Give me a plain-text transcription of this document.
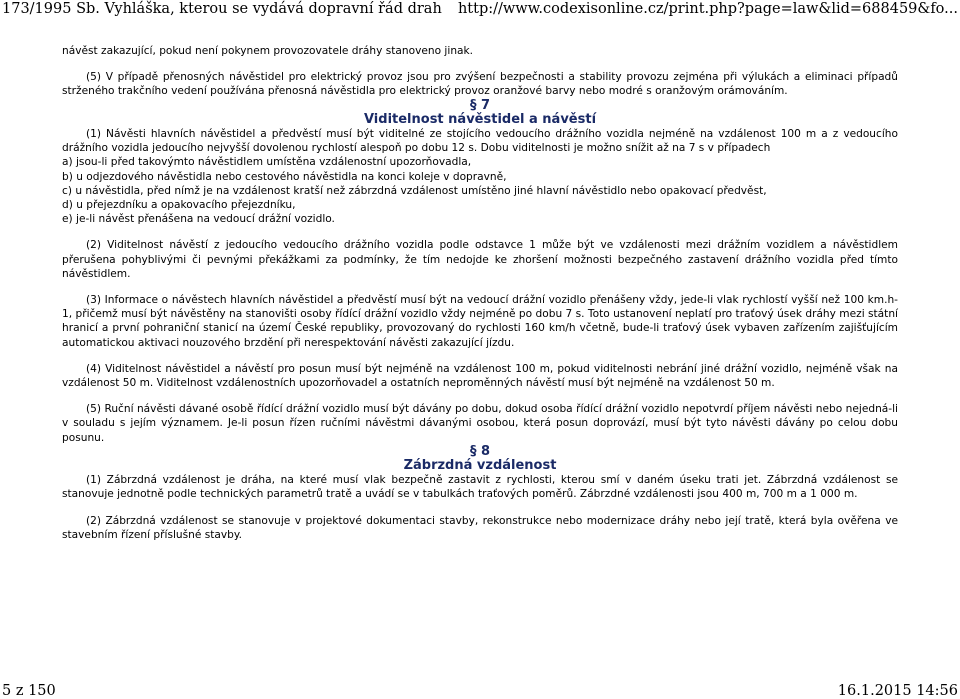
173/1995 Sb. Vyhláška, kterou se vydává dopravní řád drah http://www.codexisonline.cz/print.php?page=law&lid=688459&fo...

návěst zakazující, pokud není pokynem provozovatele dráhy stanoveno jinak.

(5) V případě přenosných návěstidel pro elektrický provoz jsou pro zvýšení bezpečnosti a stability provozu zejména při výlukách a eliminaci případů strženého trakčního vedení používána přenosná návěstidla pro elektrický provoz oranžové barvy nebo modré s oranžovým orámováním.

§ 7

Viditelnost návěstidel a návěstí

(1) Návěsti hlavních návěstidel a předvěstí musí být viditelné ze stojícího vedoucího drážního vozidla nejméně na vzdálenost 100 m a z vedoucího drážního vozidla jedoucího nejvyšší dovolenou rychlostí alespoň po dobu 12 s. Dobu viditelnosti je možno snížit až na 7 s v případech

a) jsou-li před takovýmto návěstidlem umístěna vzdálenostní upozorňovadla,

b) u odjezdového návěstidla nebo cestového návěstidla na konci koleje v dopravně,

c) u návěstidla, před nímž je na vzdálenost kratší než zábrzdná vzdálenost umístěno jiné hlavní návěstidlo nebo opakovací předvěst,

d) u přejezdníku a opakovacího přejezdníku,

e) je-li návěst přenášena na vedoucí drážní vozidlo.

(2) Viditelnost návěstí z jedoucího vedoucího drážního vozidla podle odstavce 1 může být ve vzdálenosti mezi drážním vozidlem a návěstidlem přerušena pohyblivými či pevnými překážkami za podmínky, že tím nedojde ke zhoršení možnosti bezpečného zastavení drážního vozidla před tímto návěstidlem.

(3) Informace o návěstech hlavních návěstidel a předvěstí musí být na vedoucí drážní vozidlo přenášeny vždy, jede-li vlak rychlostí vyšší než 100 km.h-1, přičemž musí být návěstěny na stanovišti osoby řídící drážní vozidlo vždy nejméně po dobu 7 s. Toto ustanovení neplatí pro traťový úsek dráhy mezi státní hranicí a první pohraniční stanicí na území České republiky, provozovaný do rychlosti 160 km/h včetně, bude-li traťový úsek vybaven zařízením zajišťujícím automatickou aktivaci nouzového brzdění při nerespektování návěsti zakazující jízdu.

(4) Viditelnost návěstidel a návěstí pro posun musí být nejméně na vzdálenost 100 m, pokud viditelnosti nebrání jiné drážní vozidlo, nejméně však na vzdálenost 50 m. Viditelnost vzdálenostních upozorňovadel a ostatních neproměnných návěstí musí být nejméně na vzdálenost 50 m.

(5) Ruční návěsti dávané osobě řídící drážní vozidlo musí být dávány po dobu, dokud osoba řídící drážní vozidlo nepotvrdí příjem návěsti nebo nejedná-li v souladu s jejím významem. Je-li posun řízen ručními návěstmi dávanými osobou, která posun doprovází, musí být tyto návěsti dávány po celou dobu posunu.

§ 8

Zábrzdná vzdálenost

(1) Zábrzdná vzdálenost je dráha, na které musí vlak bezpečně zastavit z rychlosti, kterou smí v daném úseku trati jet. Zábrzdná vzdálenost se stanovuje jednotně podle technických parametrů tratě a uvádí se v tabulkách traťových poměrů. Zábrzdné vzdálenosti jsou 400 m, 700 m a 1 000 m.

(2) Zábrzdná vzdálenost se stanovuje v projektové dokumentaci stavby, rekonstrukce nebo modernizace dráhy nebo její tratě, která byla ověřena ve stavebním řízení příslušné stavby.

5 z 150	16.1.2015 14:56
